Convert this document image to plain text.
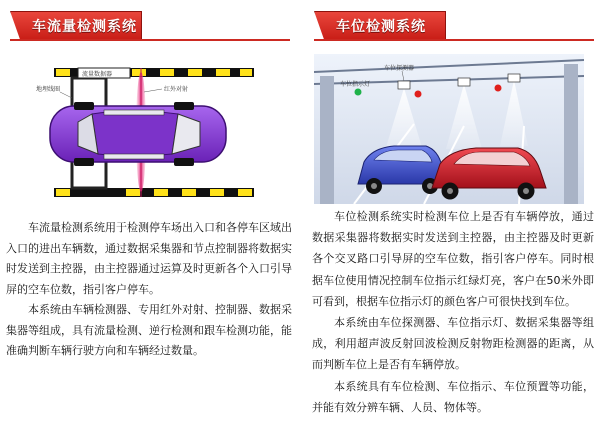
车流量检测系统
流量数据器
地埋线圈	红外对射

车流量检测系统用于检测停车场出入口和各停车区域出入口的进出车辆数，通过数据采集器和节点控制器将数据实时发送到主控器，由主控器通过运算及时更新各个入口引导屏的空车位数，指引客户停车。

本系统由车辆检测器、专用红外对射、控制器、数据采集器等组成，具有流量检测、逆行检测和跟车检测功能，能准确判断车辆行驶方向和车辆经过数量。

车位检测系统
车位探测器
车位指示灯

车位检测系统实时检测车位上是否有车辆停放，通过数据采集器将数据实时发送到主控器，由主控器及时更新各个交叉路口引导屏的空车位数，指引客户停车。同时根据车位使用情况控制车位指示红绿灯亮，客户在50米外即可看到，根据车位指示灯的颜色客户可很快找到车位。

本系统由车位探测器、车位指示灯、数据采集器等组成，利用超声波反射回波检测反射物距检测器的距离，从而判断车位上是否有车辆停放。

本系统具有车位检测、车位指示、车位预置等功能，并能有效分辨车辆、人员、物体等。
